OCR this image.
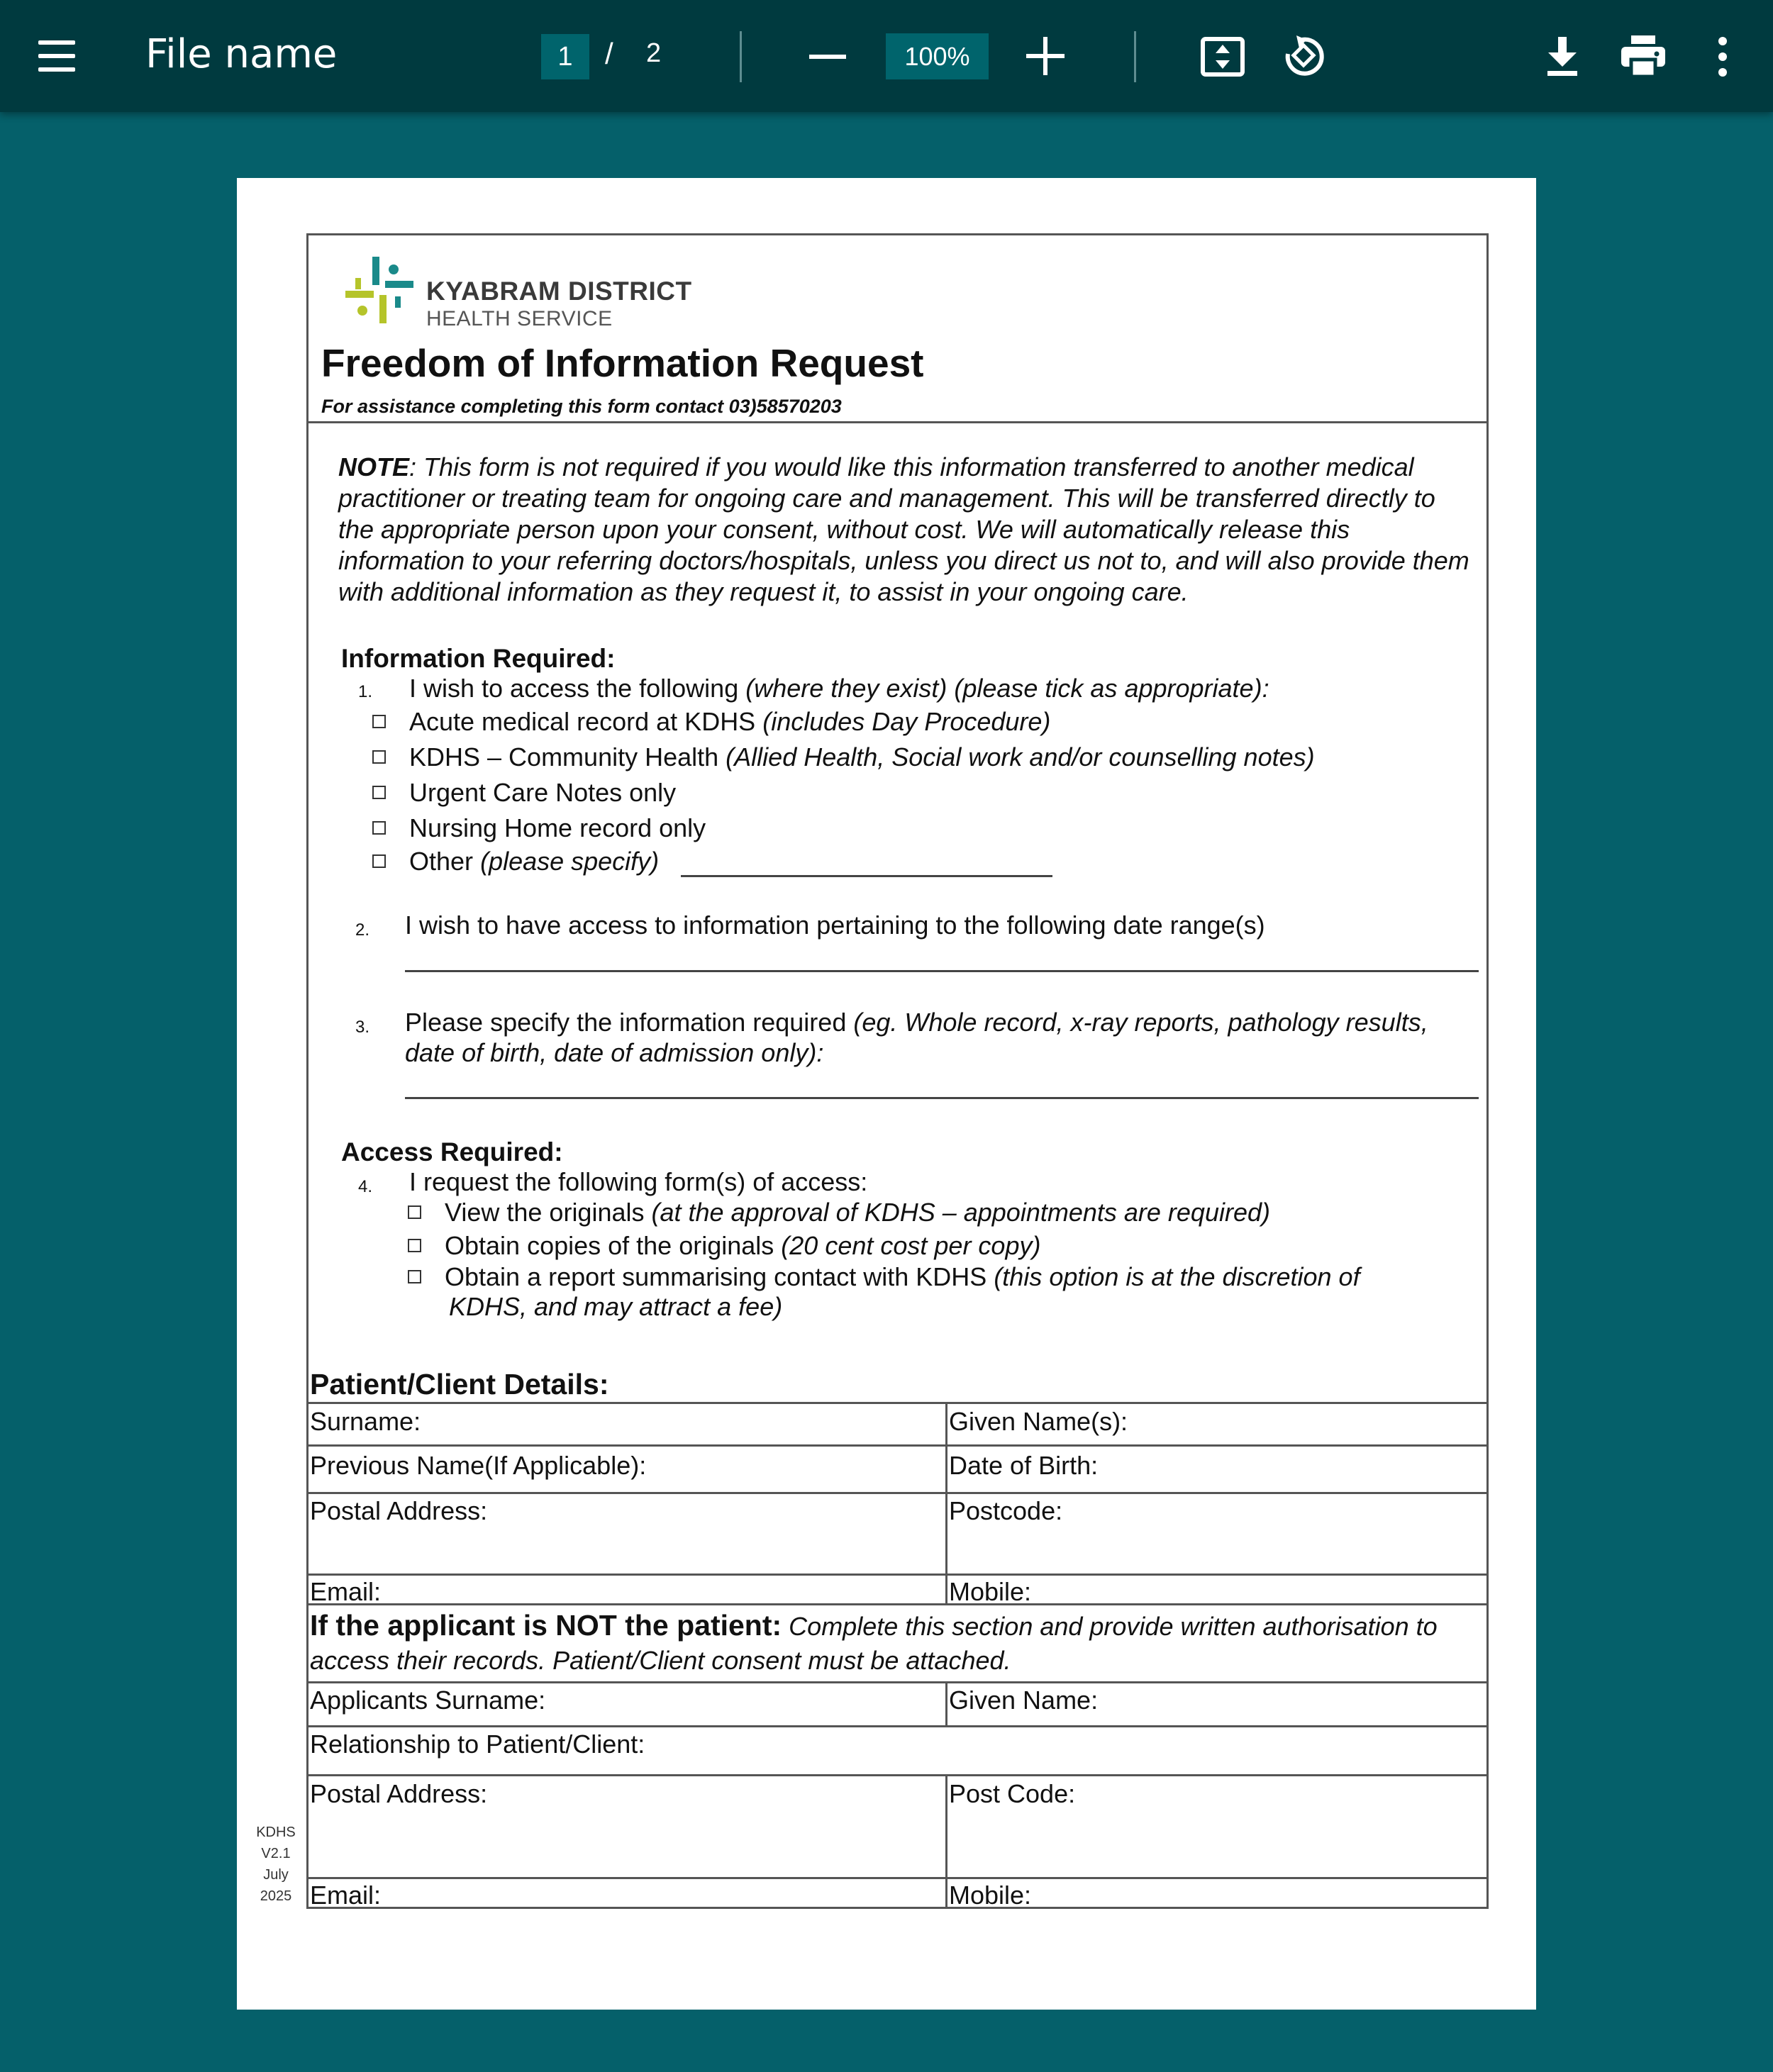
File name	1	/ 2	100%
KYABRAM DISTRICT
HEALTH SERVICE
Freedom of Information Request
For assistance completing this form contact 03)58570203
NOTE: This form is not required if you would like this information transferred to another medical practitioner or treating team for ongoing care and management. This will be transferred directly to the appropriate person upon your consent, without cost. We will automatically release this information to your referring doctors/hospitals, unless you direct us not to, and will also provide them with additional information as they request it, to assist in your ongoing care.
Information Required:
1. I wish to access the following (where they exist) (please tick as appropriate):
Acute medical record at KDHS (includes Day Procedure)
KDHS – Community Health (Allied Health, Social work and/or counselling notes)
Urgent Care Notes only
Nursing Home record only
Other (please specify)
2. I wish to have access to information pertaining to the following date range(s)
3. Please specify the information required (eg. Whole record, x-ray reports, pathology results,
date of birth, date of admission only):
Access Required:
4. I request the following form(s) of access:
View the originals (at the approval of KDHS – appointments are required)
Obtain copies of the originals (20 cent cost per copy)
Obtain a report summarising contact with KDHS (this option is at the discretion of
KDHS, and may attract a fee)
Patient/Client Details:
Surname:	Given Name(s):
Previous Name(If Applicable):	Date of Birth:
Postal Address:	Postcode:
Email:	Mobile:
If the applicant is NOT the patient: Complete this section and provide written authorisation to access their records. Patient/Client consent must be attached.
Applicants Surname:	Given Name:
Relationship to Patient/Client:
Postal Address:	Post Code:
Email:	Mobile:
KDHS
V2.1
July
2025
